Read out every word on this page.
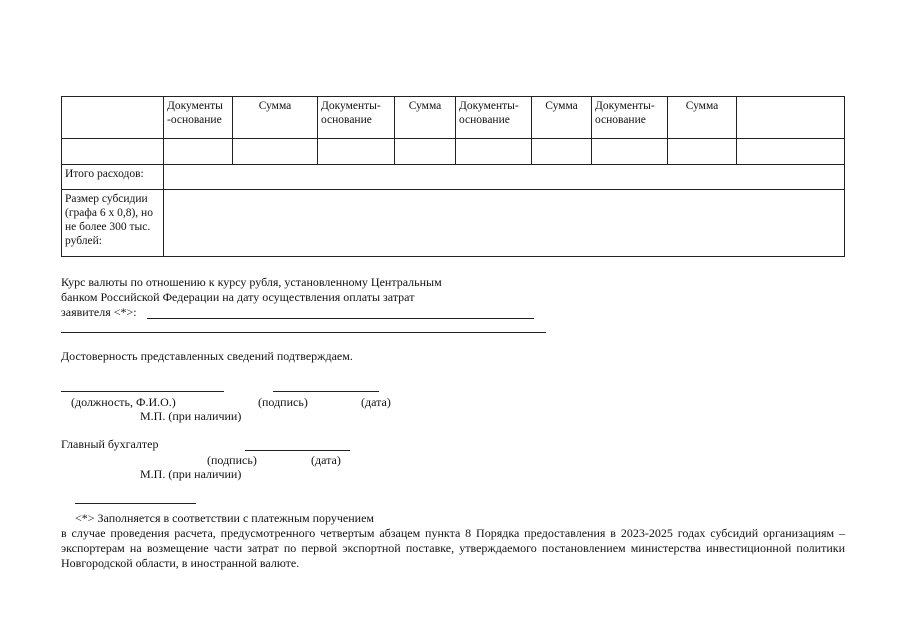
	Документы -основание	Сумма	Документы-основание	Сумма	Документы-основание	Сумма	Документы-основание	Сумма	

Итого расходов:									
Размер субсидии (графа 6 x 0,8), но не более 300 тыс. рублей:									
Курс валюты по отношению к курсу рубля, установленному Центральным
банком Российской Федерации на дату осуществления оплаты затрат
заявителя <*>:
Достоверность представленных сведений подтверждаем.
(должность, Ф.И.О.)	(подпись)	(дата)
М.П. (при наличии)
Главный бухгалтер
(подпись)	(дата)
М.П. (при наличии)
<*> Заполняется в соответствии с платежным поручением
в случае проведения расчета, предусмотренного четвертым абзацем пункта 8 Порядка предоставления в 2023-2025 годах субсидий организациям – экспортерам на возмещение части затрат по первой экспортной поставке, утверждаемого постановлением министерства инвестиционной политики Новгородской области, в иностранной валюте.
